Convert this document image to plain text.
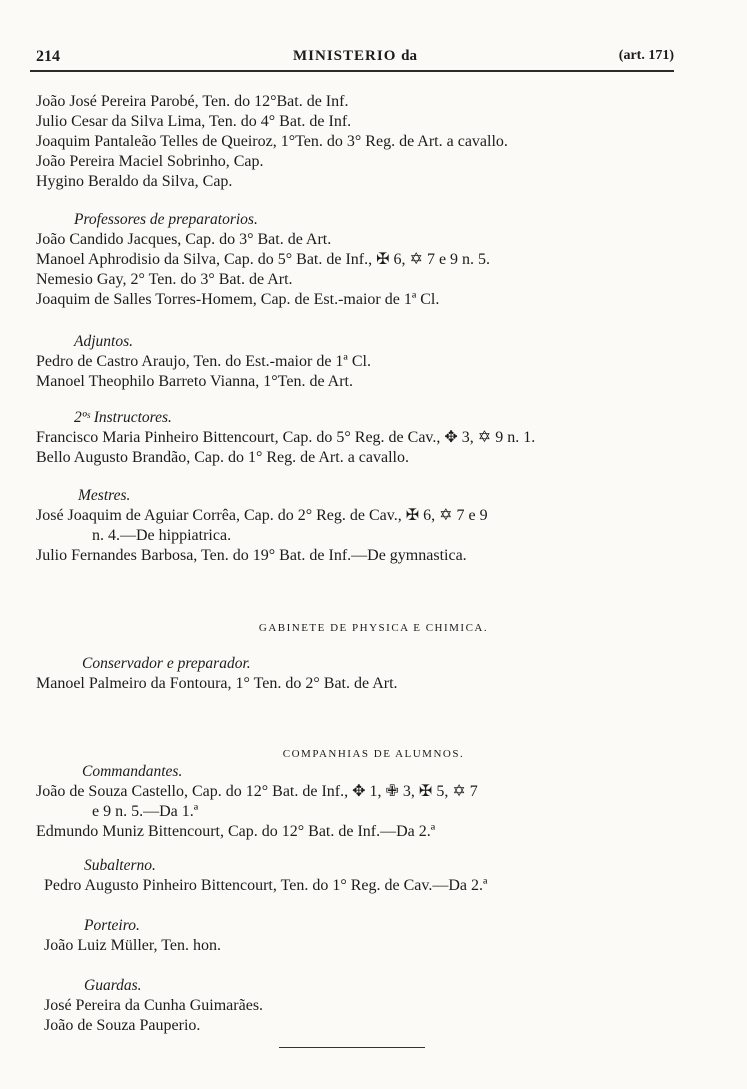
214	MINISTERIO da	(art. 171)
João José Pereira Parobé, Ten. do 12°Bat. de Inf.
Julio Cesar da Silva Lima, Ten. do 4° Bat. de Inf.
Joaquim Pantaleão Telles de Queiroz, 1°Ten. do 3° Reg. de Art. a cavallo.
João Pereira Maciel Sobrinho, Cap.
Hygino Beraldo da Silva, Cap.
Professores de preparatorios.
João Candido Jacques, Cap. do 3° Bat. de Art.
Manoel Aphrodisio da Silva, Cap. do 5° Bat. de Inf., ✠ 6, ✡ 7 e 9 n. 5.
Nemesio Gay, 2° Ten. do 3° Bat. de Art.
Joaquim de Salles Torres-Homem, Cap. de Est.-maior de 1ª Cl.
Adjuntos.
Pedro de Castro Araujo, Ten. do Est.-maior de 1ª Cl.
Manoel Theophilo Barreto Vianna, 1°Ten. de Art.
2ºˢ Instructores.
Francisco Maria Pinheiro Bittencourt, Cap. do 5° Reg. de Cav., ✥ 3, ✡ 9 n. 1.
Bello Augusto Brandão, Cap. do 1° Reg. de Art. a cavallo.
Mestres.
José Joaquim de Aguiar Corrêa, Cap. do 2° Reg. de Cav., ✠ 6, ✡ 7 e 9
n. 4.—De hippiatrica.
Julio Fernandes Barbosa, Ten. do 19° Bat. de Inf.—De gymnastica.
GABINETE DE PHYSICA E CHIMICA.
Conservador e preparador.
Manoel Palmeiro da Fontoura, 1° Ten. do 2° Bat. de Art.
COMPANHIAS DE ALUMNOS.
Commandantes.
João de Souza Castello, Cap. do 12° Bat. de Inf., ✥ 1, ✙ 3, ✠ 5, ✡ 7
e 9 n. 5.—Da 1.ª
Edmundo Muniz Bittencourt, Cap. do 12° Bat. de Inf.—Da 2.ª
Subalterno.
Pedro Augusto Pinheiro Bittencourt, Ten. do 1° Reg. de Cav.—Da 2.ª
Porteiro.
João Luiz Müller, Ten. hon.
Guardas.
José Pereira da Cunha Guimarães.
João de Souza Pauperio.
